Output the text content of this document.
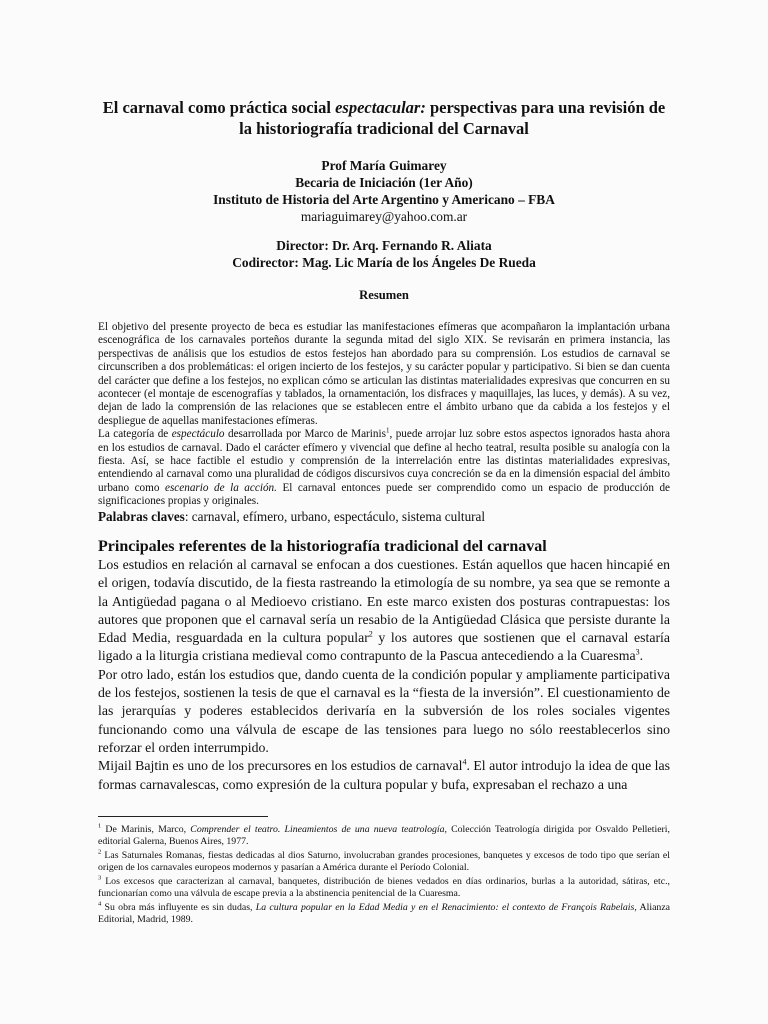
El carnaval como práctica social espectacular: perspectivas para una revisión de
la historiografía tradicional del Carnaval
Prof María Guimarey
Becaria de Iniciación (1er Año)
Instituto de Historia del Arte Argentino y Americano – FBA
mariaguimarey@yahoo.com.ar
Director: Dr. Arq. Fernando R. Aliata
Codirector: Mag. Lic María de los Ángeles De Rueda
Resumen

El objetivo del presente proyecto de beca es estudiar las manifestaciones efímeras que acompañaron la implantación urbana escenográfica de los carnavales porteños durante la segunda mitad del siglo XIX. Se revisarán en primera instancia, las perspectivas de análisis que los estudios de estos festejos han abordado para su comprensión. Los estudios de carnaval se circunscriben a dos problemáticas: el origen incierto de los festejos, y su carácter popular y participativo. Si bien se dan cuenta del carácter que define a los festejos, no explican cómo se articulan las distintas materialidades expresivas que concurren en su acontecer (el montaje de escenografías y tablados, la ornamentación, los disfraces y maquillajes, las luces, y demás). A su vez, dejan de lado la comprensión de las relaciones que se establecen entre el ámbito urbano que da cabida a los festejos y el despliegue de aquellas manifestaciones efímeras.

La categoría de espectáculo desarrollada por Marco de Marinis$^1$, puede arrojar luz sobre estos aspectos ignorados hasta ahora en los estudios de carnaval. Dado el carácter efímero y vivencial que define al hecho teatral, resulta posible su analogía con la fiesta. Así, se hace factible el estudio y comprensión de la interrelación entre las distintas materialidades expresivas, entendiendo al carnaval como una pluralidad de códigos discursivos cuya concreción se da en la dimensión espacial del ámbito urbano como escenario de la acción. El carnaval entonces puede ser comprendido como un espacio de producción de significaciones propias y originales.

Palabras claves: carnaval, efímero, urbano, espectáculo, sistema cultural

Principales referentes de la historiografía tradicional del carnaval

Los estudios en relación al carnaval se enfocan a dos cuestiones. Están aquellos que hacen hincapié en el origen, todavía discutido, de la fiesta rastreando la etimología de su nombre, ya sea que se remonte a la Antigüedad pagana o al Medioevo cristiano. En este marco existen dos posturas contrapuestas: los autores que proponen que el carnaval sería un resabio de la Antigüedad Clásica que persiste durante la Edad Media, resguardada en la cultura popular$^2$ y los autores que sostienen que el carnaval estaría ligado a la liturgia cristiana medieval como contrapunto de la Pascua antecediendo a la Cuaresma$^3$.

Por otro lado, están los estudios que, dando cuenta de la condición popular y ampliamente participativa de los festejos, sostienen la tesis de que el carnaval es la “fiesta de la inversión”. El cuestionamiento de las jerarquías y poderes establecidos derivaría en la subversión de los roles sociales vigentes funcionando como una válvula de escape de las tensiones para luego no sólo reestablecerlos sino reforzar el orden interrumpido.

Mijail Bajtin es uno de los precursores en los estudios de carnaval$^4$. El autor introdujo la idea de que las formas carnavalescas, como expresión de la cultura popular y bufa, expresaban el rechazo a una

$^1$ De Marinis, Marco, Comprender el teatro. Lineamientos de una nueva teatrología, Colección Teatrología dirigida por Osvaldo Pelletieri, editorial Galerna, Buenos Aires, 1977.

$^2$ Las Saturnales Romanas, fiestas dedicadas al dios Saturno, involucraban grandes procesiones, banquetes y excesos de todo tipo que serían el origen de los carnavales europeos modernos y pasarían a América durante el Período Colonial.

$^3$ Los excesos que caracterizan al carnaval, banquetes, distribución de bienes vedados en días ordinarios, burlas a la autoridad, sátiras, etc., funcionarían como una válvula de escape previa a la abstinencia penitencial de la Cuaresma.

$^4$ Su obra más influyente es sin dudas, La cultura popular en la Edad Media y en el Renacimiento: el contexto de François Rabelais, Alianza Editorial, Madrid, 1989.
